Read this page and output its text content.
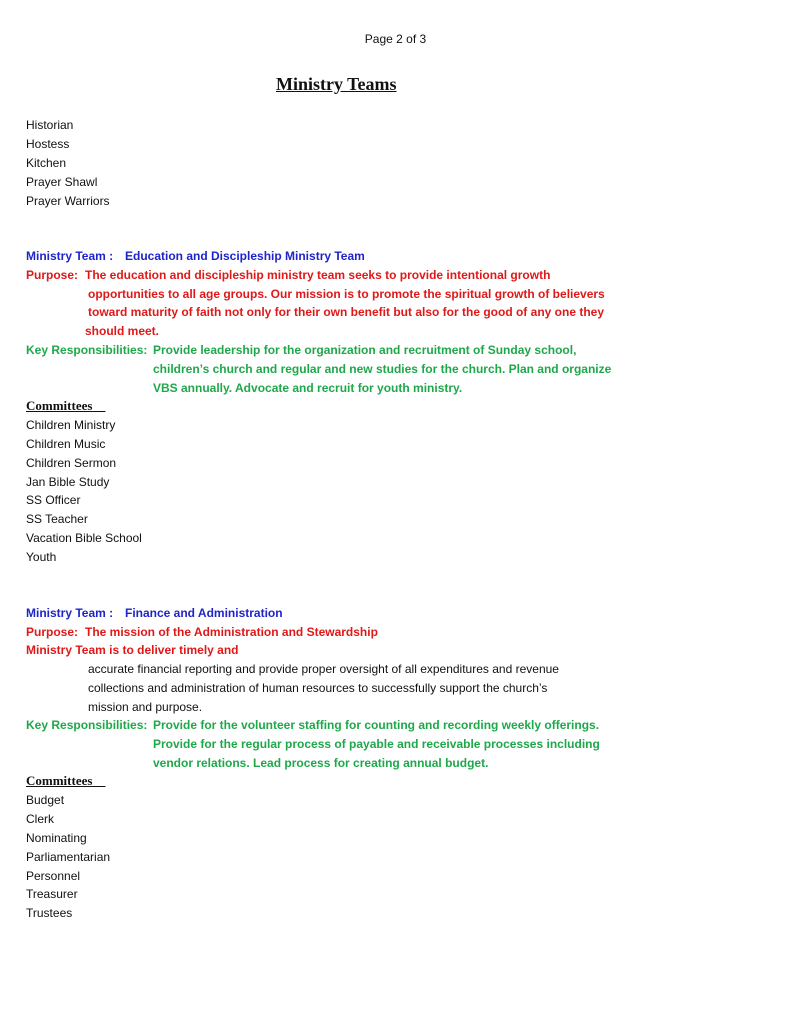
Page 2 of 3
Ministry Teams
Historian
Hostess
Kitchen
Prayer Shawl
Prayer Warriors
Ministry Team : Education and Discipleship Ministry Team
Purpose: The education and discipleship ministry team seeks to provide intentional growth
opportunities to all age groups. Our mission is to promote the spiritual growth of believers
toward maturity of faith not only for their own benefit but also for the good of any one they
should meet.
Key Responsibilities: Provide leadership for the organization and recruitment of Sunday school,
children’s church and regular and new studies for the church. Plan and organize
VBS annually. Advocate and recruit for youth ministry.
Committees
Children Ministry
Children Music
Children Sermon
Jan Bible Study
SS Officer
SS Teacher
Vacation Bible School
Youth
Ministry Team : Finance and Administration
Purpose: The mission of the Administration and Stewardship
Ministry Team is to deliver timely and
accurate financial reporting and provide proper oversight of all expenditures and revenue
collections and administration of human resources to successfully support the church’s
mission and purpose.
Key Responsibilities: Provide for the volunteer staffing for counting and recording weekly offerings.
Provide for the regular process of payable and receivable processes including
vendor relations. Lead process for creating annual budget.
Committees
Budget
Clerk
Nominating
Parliamentarian
Personnel
Treasurer
Trustees
